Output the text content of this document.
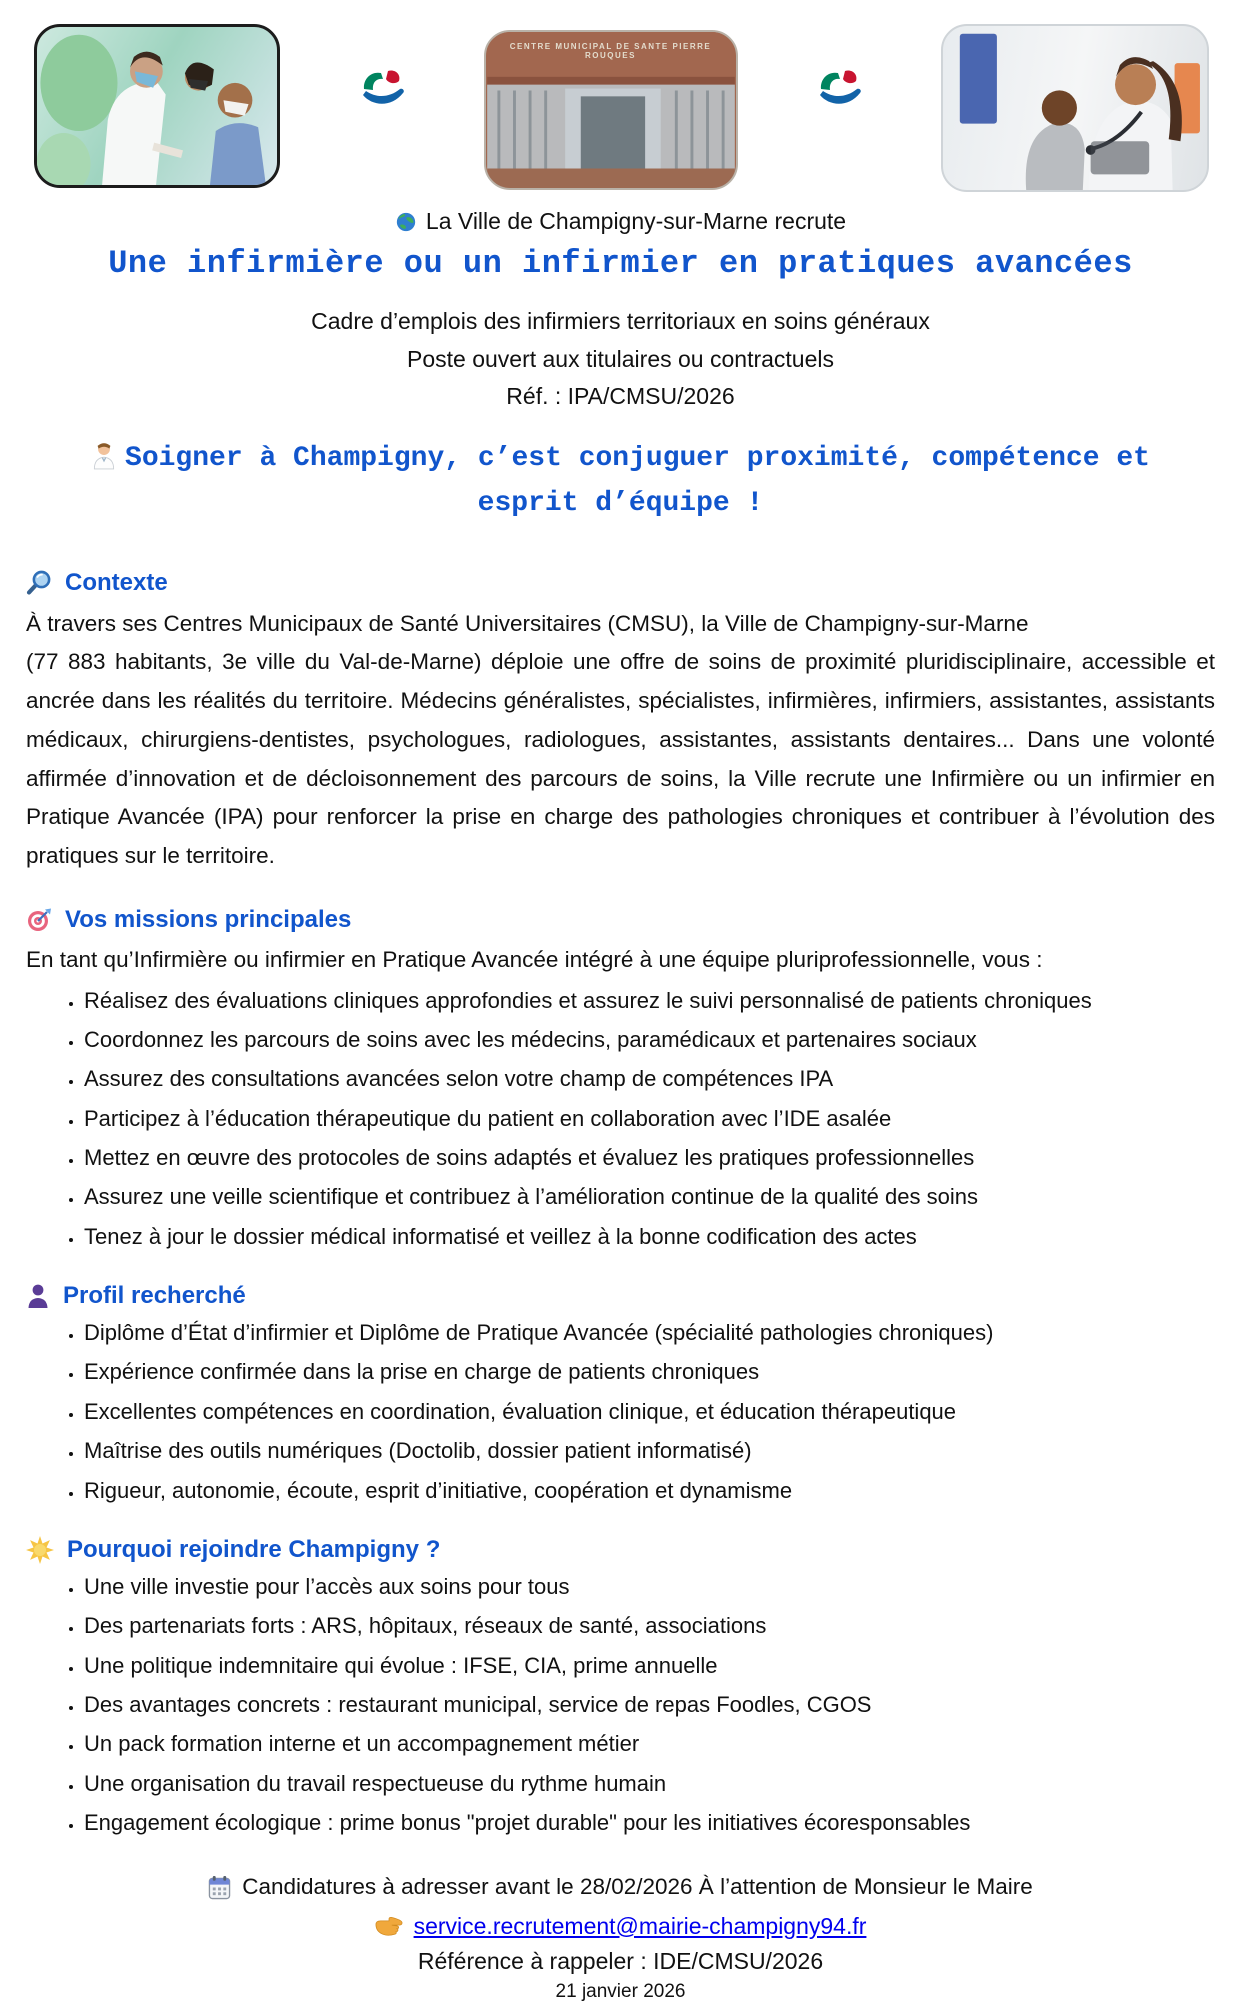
CENTRE MUNICIPAL DE SANTE PIERRE ROUQUES
La Ville de Champigny-sur-Marne recrute
Une infirmière ou un infirmier en pratiques avancées
Cadre d’emplois des infirmiers territoriaux en soins généraux
Poste ouvert aux titulaires ou contractuels
Réf. : IPA/CMSU/2026
Soigner à Champigny, c’est conjuguer proximité, compétence et esprit d’équipe !
Contexte

À travers ses Centres Municipaux de Santé Universitaires (CMSU), la Ville de Champigny-sur-Marne
(77 883 habitants, 3e ville du Val-de-Marne) déploie une offre de soins de proximité pluridisciplinaire, accessible et ancrée dans les réalités du territoire. Médecins généralistes, spécialistes, infirmières, infirmiers, assistantes, assistants médicaux, chirurgiens-dentistes, psychologues, radiologues, assistantes, assistants dentaires... Dans une volonté affirmée d’innovation et de décloisonnement des parcours de soins, la Ville recrute une Infirmière ou un infirmier en Pratique Avancée (IPA) pour renforcer la prise en charge des pathologies chroniques et contribuer à l’évolution des pratiques sur le territoire.

Vos missions principales

En tant qu’Infirmière ou infirmier en Pratique Avancée intégré à une équipe pluriprofessionnelle, vous :

• Réalisez des évaluations cliniques approfondies et assurez le suivi personnalisé de patients chroniques
• Coordonnez les parcours de soins avec les médecins, paramédicaux et partenaires sociaux
• Assurez des consultations avancées selon votre champ de compétences IPA
• Participez à l’éducation thérapeutique du patient en collaboration avec l’IDE asalée
• Mettez en œuvre des protocoles de soins adaptés et évaluez les pratiques professionnelles
• Assurez une veille scientifique et contribuez à l’amélioration continue de la qualité des soins
• Tenez à jour le dossier médical informatisé et veillez à la bonne codification des actes
Profil recherché
• Diplôme d’État d’infirmier et Diplôme de Pratique Avancée (spécialité pathologies chroniques)
• Expérience confirmée dans la prise en charge de patients chroniques
• Excellentes compétences en coordination, évaluation clinique, et éducation thérapeutique
• Maîtrise des outils numériques (Doctolib, dossier patient informatisé)
• Rigueur, autonomie, écoute, esprit d’initiative, coopération et dynamisme
Pourquoi rejoindre Champigny ?
• Une ville investie pour l’accès aux soins pour tous
• Des partenariats forts : ARS, hôpitaux, réseaux de santé, associations
• Une politique indemnitaire qui évolue : IFSE, CIA, prime annuelle
• Des avantages concrets : restaurant municipal, service de repas Foodles, CGOS
• Un pack formation interne et un accompagnement métier
• Une organisation du travail respectueuse du rythme humain
• Engagement écologique : prime bonus "projet durable" pour les initiatives écoresponsables
Candidatures à adresser avant le 28/02/2026 À l’attention de Monsieur le Maire
service.recrutement@mairie-champigny94.fr
Référence à rappeler : IDE/CMSU/2026
21 janvier 2026
